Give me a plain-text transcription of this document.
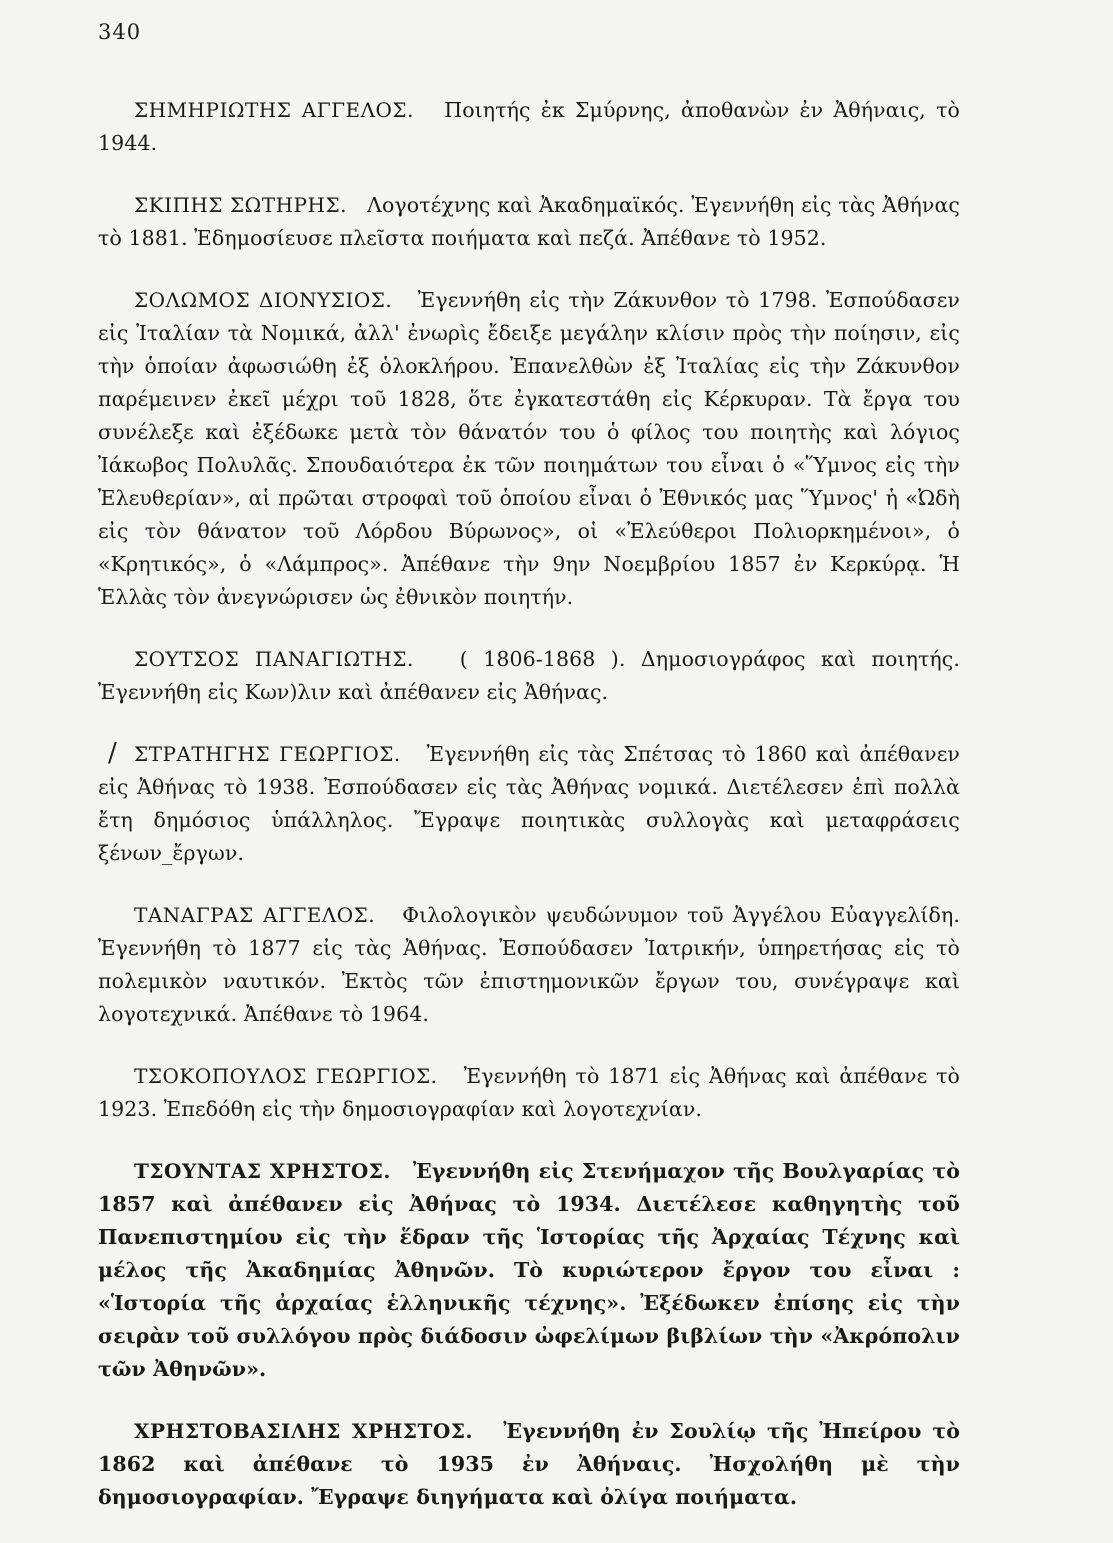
340

ΣΗΜΗΡΙΩΤΗΣ ΑΓΓΕΛΟΣ. Ποιητής ἐκ Σμύρνης, ἀποθανὼν ἐν Ἀθήναις, τὸ 1944.

ΣΚΙΠΗΣ ΣΩΤΗΡΗΣ. Λογοτέχνης καὶ Ἀκαδημαϊκός. Ἐγεννήθη εἰς τὰς Ἀθήνας τὸ 1881. Ἐδημοσίευσε πλεῖστα ποιήματα καὶ πεζά. Ἀπέθανε τὸ 1952.

ΣΟΛΩΜΟΣ ΔΙΟΝΥΣΙΟΣ. Ἐγεννήθη εἰς τὴν Ζάκυνθον τὸ 1798. Ἐσπούδασεν εἰς Ἰταλίαν τὰ Νομικά, ἀλλ' ἐνωρὶς ἔδειξε μεγάλην κλίσιν πρὸς τὴν ποίησιν, εἰς τὴν ὁποίαν ἀφωσιώθη ἐξ ὁλοκλήρου. Ἐπανελθὼν ἐξ Ἰταλίας εἰς τὴν Ζάκυνθον παρέμεινεν ἐκεῖ μέχρι τοῦ 1828, ὅτε ἐγκατεστάθη εἰς Κέρκυραν. Τὰ ἔργα του συνέλεξε καὶ ἐξέδωκε μετὰ τὸν θάνατόν του ὁ φίλος του ποιητὴς καὶ λόγιος Ἰάκωβος Πολυλᾶς. Σπουδαιότερα ἐκ τῶν ποιημάτων του εἶναι ὁ «Ὕμνος εἰς τὴν Ἐλευθερίαν», αἱ πρῶται στροφαὶ τοῦ ὁποίου εἶναι ὁ Ἐθνικός μας Ὕμνος' ἡ «Ὠδὴ εἰς τὸν θάνατον τοῦ Λόρδου Βύρωνος», οἱ «Ἐλεύθεροι Πολιορκημένοι», ὁ «Κρητικός», ὁ «Λάμπρος». Ἀπέθανε τὴν 9ην Νοεμβρίου 1857 ἐν Κερκύρᾳ. Ἡ Ἑλλὰς τὸν ἀνεγνώρισεν ὡς ἐθνικὸν ποιητήν.

ΣΟΥΤΣΟΣ ΠΑΝΑΓΙΩΤΗΣ. ( 1806-1868 ). Δημοσιογράφος καὶ ποιητής. Ἐγεννήθη εἰς Κων)λιν καὶ ἀπέθανεν εἰς Ἀθήνας.

/ ΣΤΡΑΤΗΓΗΣ ΓΕΩΡΓΙΟΣ. Ἐγεννήθη εἰς τὰς Σπέτσας τὸ 1860 καὶ ἀπέθανεν εἰς Ἀθήνας τὸ 1938. Ἐσπούδασεν εἰς τὰς Ἀθήνας νομικά. Διετέλεσεν ἐπὶ πολλὰ ἔτη δημόσιος ὑπάλληλος. Ἔγραψε ποιητικὰς συλλογὰς καὶ μεταφράσεις ξένων_ἔργων.

ΤΑΝΑΓΡΑΣ ΑΓΓΕΛΟΣ. Φιλολογικὸν ψευδώνυμον τοῦ Ἀγγέλου Εὐαγγελίδη. Ἐγεννήθη τὸ 1877 εἰς τὰς Ἀθήνας. Ἐσπούδασεν Ἰατρικήν, ὑπηρετήσας εἰς τὸ πολεμικὸν ναυτικόν. Ἐκτὸς τῶν ἐπιστημονικῶν ἔργων του, συνέγραψε καὶ λογοτεχνικά. Ἀπέθανε τὸ 1964.

ΤΣΟΚΟΠΟΥΛΟΣ ΓΕΩΡΓΙΟΣ. Ἐγεννήθη τὸ 1871 εἰς Ἀθήνας καὶ ἀπέθανε τὸ 1923. Ἐπεδόθη εἰς τὴν δημοσιογραφίαν καὶ λογοτεχνίαν.

ΤΣΟΥΝΤΑΣ ΧΡΗΣΤΟΣ. Ἐγεννήθη εἰς Στενήμαχον τῆς Βουλγαρίας τὸ 1857 καὶ ἀπέθανεν εἰς Ἀθήνας τὸ 1934. Διετέλεσε καθηγητὴς τοῦ Πανεπιστημίου εἰς τὴν ἕδραν τῆς Ἱστορίας τῆς Ἀρχαίας Τέχνης καὶ μέλος τῆς Ἀκαδημίας Ἀθηνῶν. Τὸ κυριώτερον ἔργον του εἶναι : «Ἱστορία τῆς ἀρχαίας ἑλληνικῆς τέχνης». Ἐξέδωκεν ἐπίσης εἰς τὴν σειρὰν τοῦ συλλόγου πρὸς διάδοσιν ὠφελίμων βιβλίων τὴν «Ἀκρόπολιν τῶν Ἀθηνῶν».

ΧΡΗΣΤΟΒΑΣΙΛΗΣ ΧΡΗΣΤΟΣ. Ἐγεννήθη ἐν Σουλίῳ τῆς Ἠπείρου τὸ 1862 καὶ ἀπέθανε τὸ 1935 ἐν Ἀθήναις. Ἠσχολήθη μὲ τὴν δημοσιογραφίαν. Ἔγραψε διηγήματα καὶ ὀλίγα ποιήματα.
